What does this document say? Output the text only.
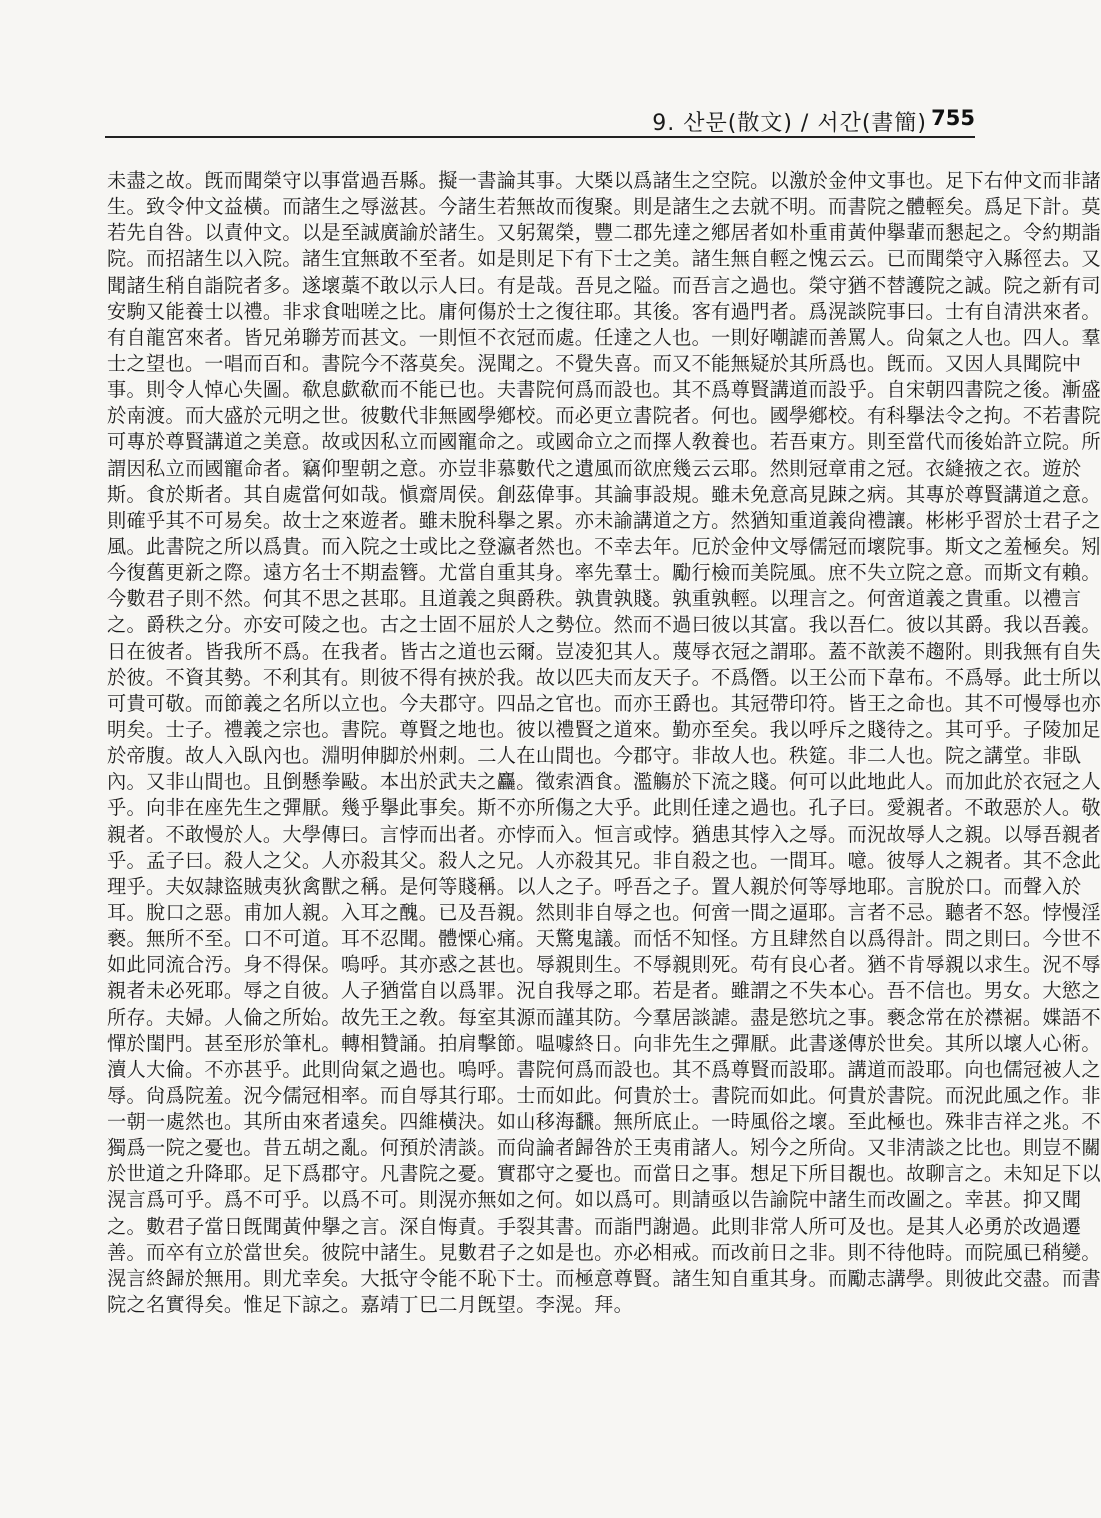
9. 산문(散文) / 서간(書簡) 755
未盡之故。旣而聞榮守以事當過吾縣。擬一書論其事。大槩以爲諸生之空院。以激於金仲文事也。足下右仲文而非諸
生。致令仲文益橫。而諸生之辱滋甚。今諸生若無故而復聚。則是諸生之去就不明。而書院之體輕矣。爲足下計。莫
若先自咎。以責仲文。以是至誠廣諭於諸生。又躬駕榮，豐二郡先達之鄕居者如朴重甫黃仲擧輩而懇起之。令約期詣
院。而招諸生以入院。諸生宜無敢不至者。如是則足下有下士之美。諸生無自輕之愧云云。已而聞榮守入縣徑去。又
聞諸生稍自詣院者多。遂壞藁不敢以示人曰。有是哉。吾見之隘。而吾言之過也。榮守猶不替護院之誠。院之新有司
安駒又能養士以禮。非求食咄嗟之比。庸何傷於士之復往耶。其後。客有過門者。爲滉談院事曰。士有自清洪來者。
有自龍宮來者。皆兄弟聯芳而甚文。一則恒不衣冠而處。任達之人也。一則好嘲謔而善罵人。尙氣之人也。四人。羣
士之望也。一唱而百和。書院今不落莫矣。滉聞之。不覺失喜。而又不能無疑於其所爲也。旣而。又因人具聞院中
事。則令人悼心失圖。欷息歔欷而不能已也。夫書院何爲而設也。其不爲尊賢講道而設乎。自宋朝四書院之後。漸盛
於南渡。而大盛於元明之世。彼數代非無國學鄕校。而必更立書院者。何也。國學鄕校。有科擧法令之拘。不若書院
可專於尊賢講道之美意。故或因私立而國寵命之。或國命立之而擇人敎養也。若吾東方。則至當代而後始許立院。所
謂因私立而國寵命者。竊仰聖朝之意。亦豈非慕數代之遺風而欲庶幾云云耶。然則冠章甫之冠。衣縫掖之衣。遊於
斯。食於斯者。其自處當何如哉。愼齋周侯。創茲偉事。其論事設規。雖未免意高見踈之病。其專於尊賢講道之意。
則確乎其不可易矣。故士之來遊者。雖未脫科擧之累。亦未諭講道之方。然猶知重道義尙禮讓。彬彬乎習於士君子之
風。此書院之所以爲貴。而入院之士或比之登瀛者然也。不幸去年。厄於金仲文辱儒冠而壞院事。斯文之羞極矣。矧
今復舊更新之際。遠方名士不期盍簪。尤當自重其身。率先羣士。勵行檢而美院風。庶不失立院之意。而斯文有賴。
今數君子則不然。何其不思之甚耶。且道義之與爵秩。孰貴孰賤。孰重孰輕。以理言之。何啻道義之貴重。以禮言
之。爵秩之分。亦安可陵之也。古之士固不屈於人之勢位。然而不過曰彼以其富。我以吾仁。彼以其爵。我以吾義。
日在彼者。皆我所不爲。在我者。皆古之道也云爾。豈凌犯其人。蔑辱衣冠之謂耶。蓋不歆羨不趨附。則我無有自失
於彼。不資其勢。不利其有。則彼不得有挾於我。故以匹夫而友天子。不爲僭。以王公而下韋布。不爲辱。此士所以
可貴可敬。而節義之名所以立也。今夫郡守。四品之官也。而亦王爵也。其冠帶印符。皆王之命也。其不可慢辱也亦
明矣。士子。禮義之宗也。書院。尊賢之地也。彼以禮賢之道來。勤亦至矣。我以呼斥之賤待之。其可乎。子陵加足
於帝腹。故人入臥內也。淵明伸脚於州刺。二人在山間也。今郡守。非故人也。秩筵。非二人也。院之講堂。非臥
內。又非山間也。且倒懸拳敺。本出於武夫之麤。徵索酒食。濫觴於下流之賤。何可以此地此人。而加此於衣冠之人
乎。向非在座先生之彈厭。幾乎擧此事矣。斯不亦所傷之大乎。此則任達之過也。孔子曰。愛親者。不敢惡於人。敬
親者。不敢慢於人。大學傳曰。言悖而出者。亦悖而入。恒言或悖。猶患其悖入之辱。而況故辱人之親。以辱吾親者
乎。孟子曰。殺人之父。人亦殺其父。殺人之兄。人亦殺其兄。非自殺之也。一間耳。噫。彼辱人之親者。其不念此
理乎。夫奴隷盜賊夷狄禽獸之稱。是何等賤稱。以人之子。呼吾之子。置人親於何等辱地耶。言脫於口。而聲入於
耳。脫口之惡。甫加人親。入耳之醜。已及吾親。然則非自辱之也。何啻一間之逼耶。言者不忌。聽者不怒。悖慢淫
褻。無所不至。口不可道。耳不忍聞。體慄心痛。天驚鬼議。而恬不知怪。方且肆然自以爲得計。問之則曰。今世不
如此同流合汚。身不得保。嗚呼。其亦惑之甚也。辱親則生。不辱親則死。苟有良心者。猶不肯辱親以求生。況不辱
親者未必死耶。辱之自彼。人子猶當自以爲罪。況自我辱之耶。若是者。雖謂之不失本心。吾不信也。男女。大慾之
所存。夫婦。人倫之所始。故先王之敎。每室其源而謹其防。今羣居談謔。盡是慾坑之事。褻念常在於襟裾。媟語不
憚於閨門。甚至形於筆札。轉相贊誦。拍肩擊節。嗢噱終日。向非先生之彈厭。此書遂傳於世矣。其所以壞人心術。
瀆人大倫。不亦甚乎。此則尙氣之過也。嗚呼。書院何爲而設也。其不爲尊賢而設耶。講道而設耶。向也儒冠被人之
辱。尙爲院羞。況今儒冠相率。而自辱其行耶。士而如此。何貴於士。書院而如此。何貴於書院。而況此風之作。非
一朝一處然也。其所由來者遠矣。四維橫決。如山移海飜。無所底止。一時風俗之壞。至此極也。殊非吉祥之兆。不
獨爲一院之憂也。昔五胡之亂。何預於淸談。而尙論者歸咎於王夷甫諸人。矧今之所尙。又非淸談之比也。則豈不關
於世道之升降耶。足下爲郡守。凡書院之憂。實郡守之憂也。而當日之事。想足下所目覩也。故聊言之。未知足下以
滉言爲可乎。爲不可乎。以爲不可。則滉亦無如之何。如以爲可。則請亟以告諭院中諸生而改圖之。幸甚。抑又聞
之。數君子當日旣聞黃仲擧之言。深自悔責。手裂其書。而詣門謝過。此則非常人所可及也。是其人必勇於改過遷
善。而卒有立於當世矣。彼院中諸生。見數君子之如是也。亦必相戒。而改前日之非。則不待他時。而院風已稍變。
滉言終歸於無用。則尤幸矣。大抵守令能不恥下士。而極意尊賢。諸生知自重其身。而勵志講學。則彼此交盡。而書
院之名實得矣。惟足下諒之。嘉靖丁巳二月旣望。李滉。拜。
